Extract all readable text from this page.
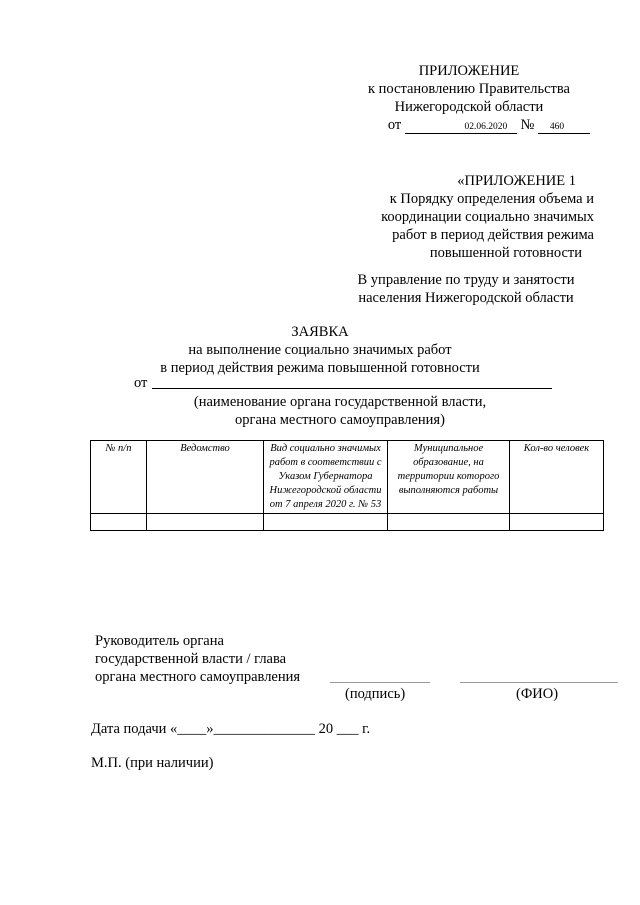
ПРИЛОЖЕНИЕ
к постановлению Правительства
Нижегородской области
от	02.06.2020 № 460
«ПРИЛОЖЕНИЕ 1
к Порядку определения объема и
координации социально значимых
работ в период действия режима
повышенной готовности
В управление по труду и занятости
населения Нижегородской области
ЗАЯВКА
на выполнение социально значимых работ
в период действия режима повышенной готовности
от
(наименование органа государственной власти,
органа местного самоуправления)
№ п/п	Ведомство	Вид социально значимых работ в соответствии с Указом Губернатора Нижегородской области от 7 апреля 2020 г. № 53	Муниципальное образование, на территории которого выполняются работы	Кол-во человек

Руководитель органа
государственной власти / глава
органа местного самоуправления
(подпись)	(ФИО)
Дата подачи «____»______________ 20 ___ г.
М.П. (при наличии)
